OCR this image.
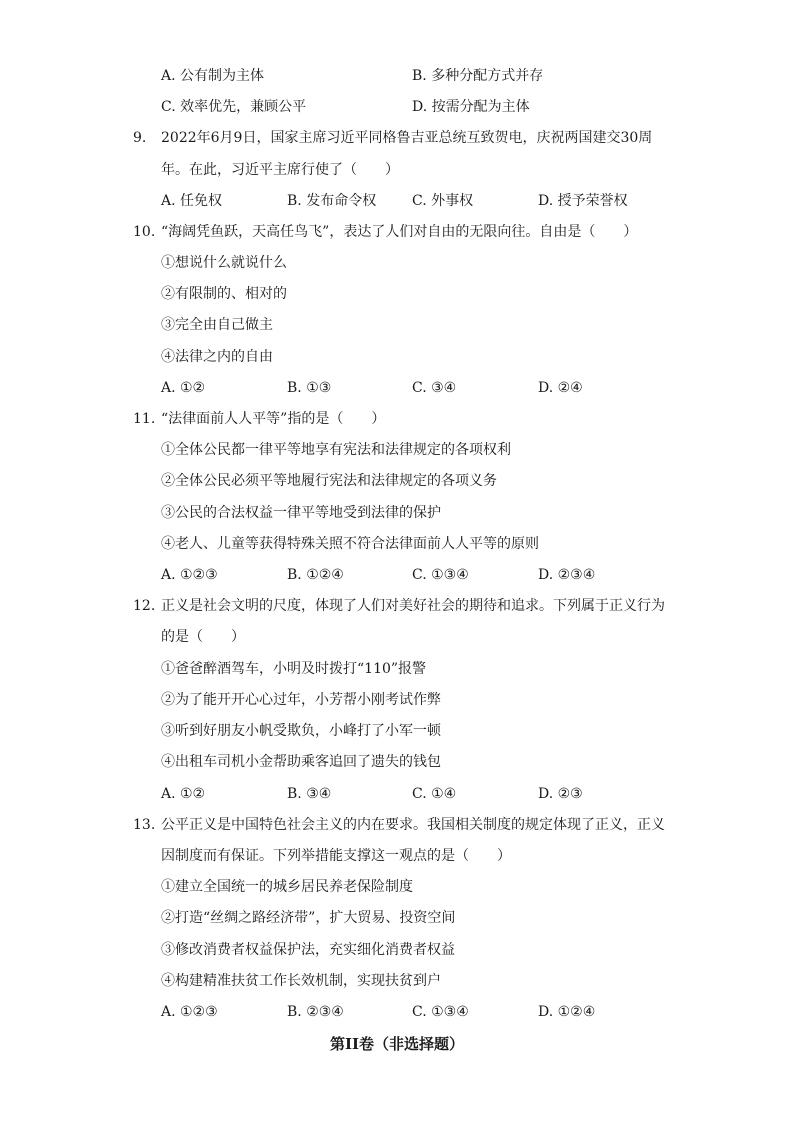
A. 公有制为主体	B. 多种分配方式并存
C. 效率优先，兼顾公平	D. 按需分配为主体
9. 2022年6月9日，国家主席习近平同格鲁吉亚总统互致贺电，庆祝两国建交30周
年。在此，习近平主席行使了（　　）
A. 任免权	B. 发布命令权	C. 外事权	D. 授予荣誉权
10. “海阔凭鱼跃，天高任鸟飞”，表达了人们对自由的无限向往。自由是（　　）
①想说什么就说什么
②有限制的、相对的
③完全由自己做主
④法律之内的自由
A. ①②	B. ①③	C. ③④	D. ②④
11. “法律面前人人平等”指的是（　　）
①全体公民都一律平等地享有宪法和法律规定的各项权利
②全体公民必须平等地履行宪法和法律规定的各项义务
③公民的合法权益一律平等地受到法律的保护
④老人、儿童等获得特殊关照不符合法律面前人人平等的原则
A. ①②③	B. ①②④	C. ①③④	D. ②③④
12. 正义是社会文明的尺度，体现了人们对美好社会的期待和追求。下列属于正义行为
的是（　　）
①爸爸醉酒驾车，小明及时拨打“110”报警
②为了能开开心心过年，小芳帮小刚考试作弊
③听到好朋友小帆受欺负，小峰打了小军一顿
④出租车司机小金帮助乘客追回了遗失的钱包
A. ①②	B. ③④	C. ①④	D. ②③
13. 公平正义是中国特色社会主义的内在要求。我国相关制度的规定体现了正义，正义
因制度而有保证。下列举措能支撑这一观点的是（　　）
①建立全国统一的城乡居民养老保险制度
②打造“丝绸之路经济带”，扩大贸易、投资空间
③修改消费者权益保护法，充实细化消费者权益
④构建精准扶贫工作长效机制，实现扶贫到户
A. ①②③	B. ②③④	C. ①③④	D. ①②④
第II卷（非选择题）
